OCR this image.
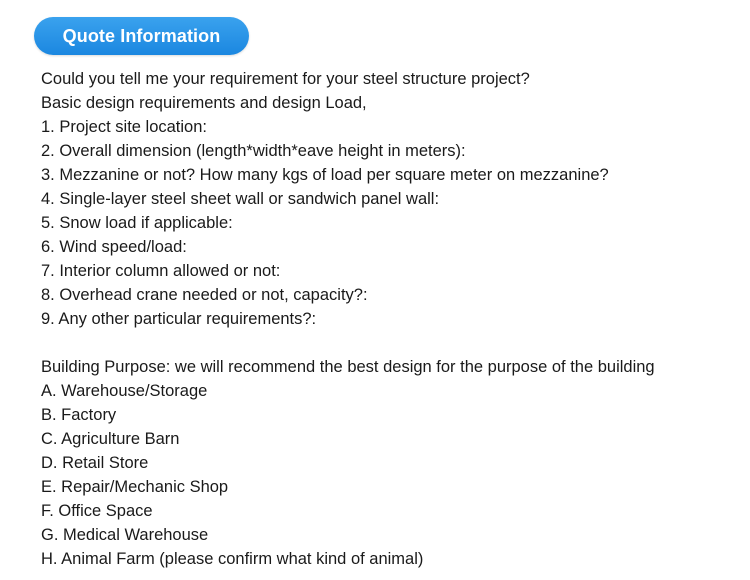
Quote Information
Could you tell me your requirement for your steel structure project?
Basic design requirements and design Load,
1. Project site location:
2. Overall dimension (length*width*eave height in meters):
3. Mezzanine or not? How many kgs of load per square meter on mezzanine?
4. Single-layer steel sheet wall or sandwich panel wall:
5. Snow load if applicable:
6. Wind speed/load:
7. Interior column allowed or not:
8. Overhead crane needed or not, capacity?:
9. Any other particular requirements?:
Building Purpose: we will recommend the best design for the purpose of the building
A. Warehouse/Storage
B. Factory
C. Agriculture Barn
D. Retail Store
E. Repair/Mechanic Shop
F. Office Space
G. Medical Warehouse
H. Animal Farm (please confirm what kind of animal)
